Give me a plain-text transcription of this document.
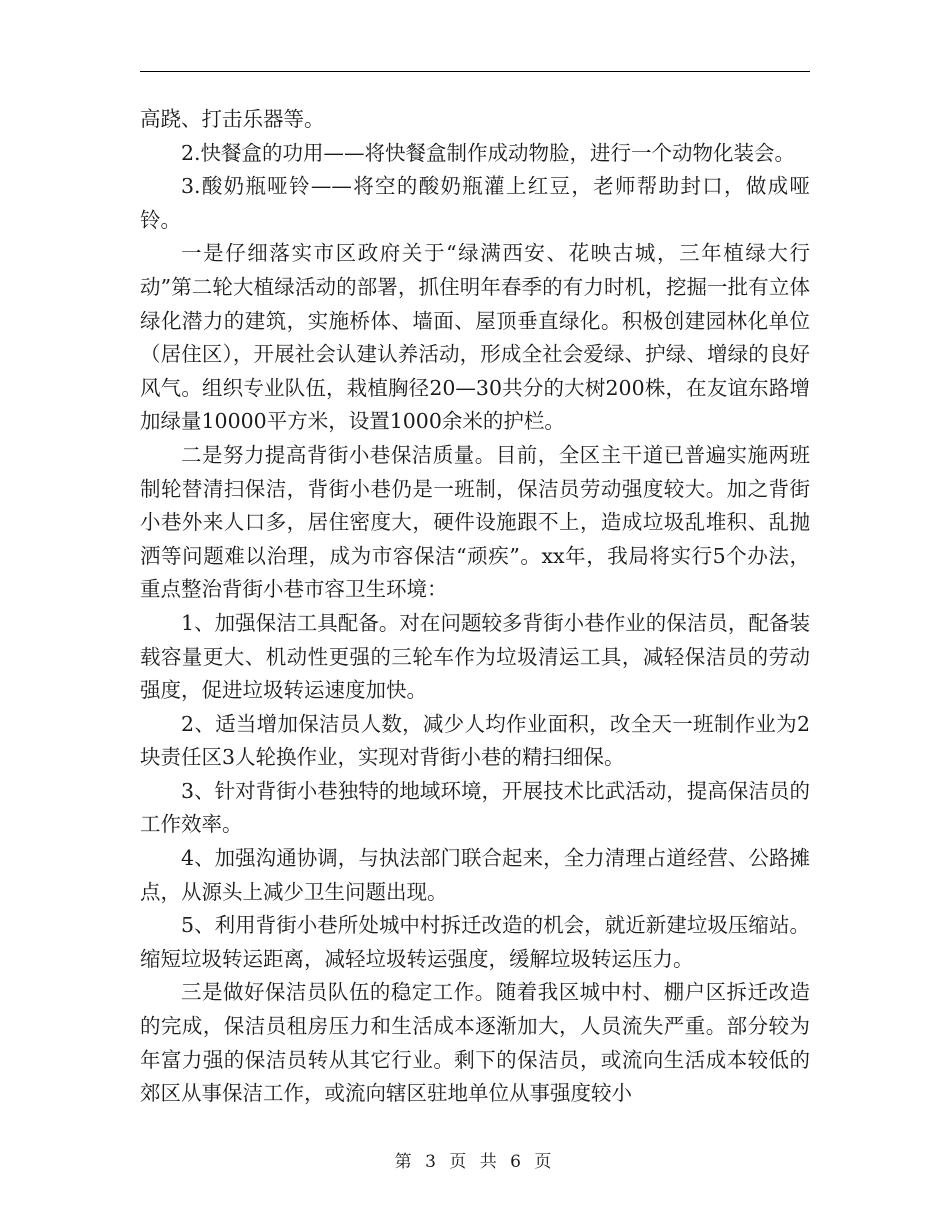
高跷、打击乐器等。

2.快餐盒的功用——将快餐盒制作成动物脸，进行一个动物化装会。

3.酸奶瓶哑铃——将空的酸奶瓶灌上红豆，老师帮助封口，做成哑铃。

一是仔细落实市区政府关于“绿满西安、花映古城，三年植绿大行动”第二轮大植绿活动的部署，抓住明年春季的有力时机，挖掘一批有立体绿化潜力的建筑，实施桥体、墙面、屋顶垂直绿化。积极创建园林化单位（居住区），开展社会认建认养活动，形成全社会爱绿、护绿、增绿的良好风气。组织专业队伍，栽植胸径20—30共分的大树200株，在友谊东路增加绿量10000平方米，设置1000余米的护栏。

二是努力提高背街小巷保洁质量。目前，全区主干道已普遍实施两班制轮替清扫保洁，背街小巷仍是一班制，保洁员劳动强度较大。加之背街小巷外来人口多，居住密度大，硬件设施跟不上，造成垃圾乱堆积、乱抛洒等问题难以治理，成为市容保洁“顽疾”。xx年，我局将实行5个办法，重点整治背街小巷市容卫生环境：

1、加强保洁工具配备。对在问题较多背街小巷作业的保洁员，配备装载容量更大、机动性更强的三轮车作为垃圾清运工具，减轻保洁员的劳动强度，促进垃圾转运速度加快。

2、适当增加保洁员人数，减少人均作业面积，改全天一班制作业为2块责任区3人轮换作业，实现对背街小巷的精扫细保。

3、针对背街小巷独特的地域环境，开展技术比武活动，提高保洁员的工作效率。

4、加强沟通协调，与执法部门联合起来，全力清理占道经营、公路摊点，从源头上减少卫生问题出现。

5、利用背街小巷所处城中村拆迁改造的机会，就近新建垃圾压缩站。缩短垃圾转运距离，减轻垃圾转运强度，缓解垃圾转运压力。

三是做好保洁员队伍的稳定工作。随着我区城中村、棚户区拆迁改造的完成，保洁员租房压力和生活成本逐渐加大，人员流失严重。部分较为年富力强的保洁员转从其它行业。剩下的保洁员，或流向生活成本较低的郊区从事保洁工作，或流向辖区驻地单位从事强度较小

第 3 页 共 6 页
